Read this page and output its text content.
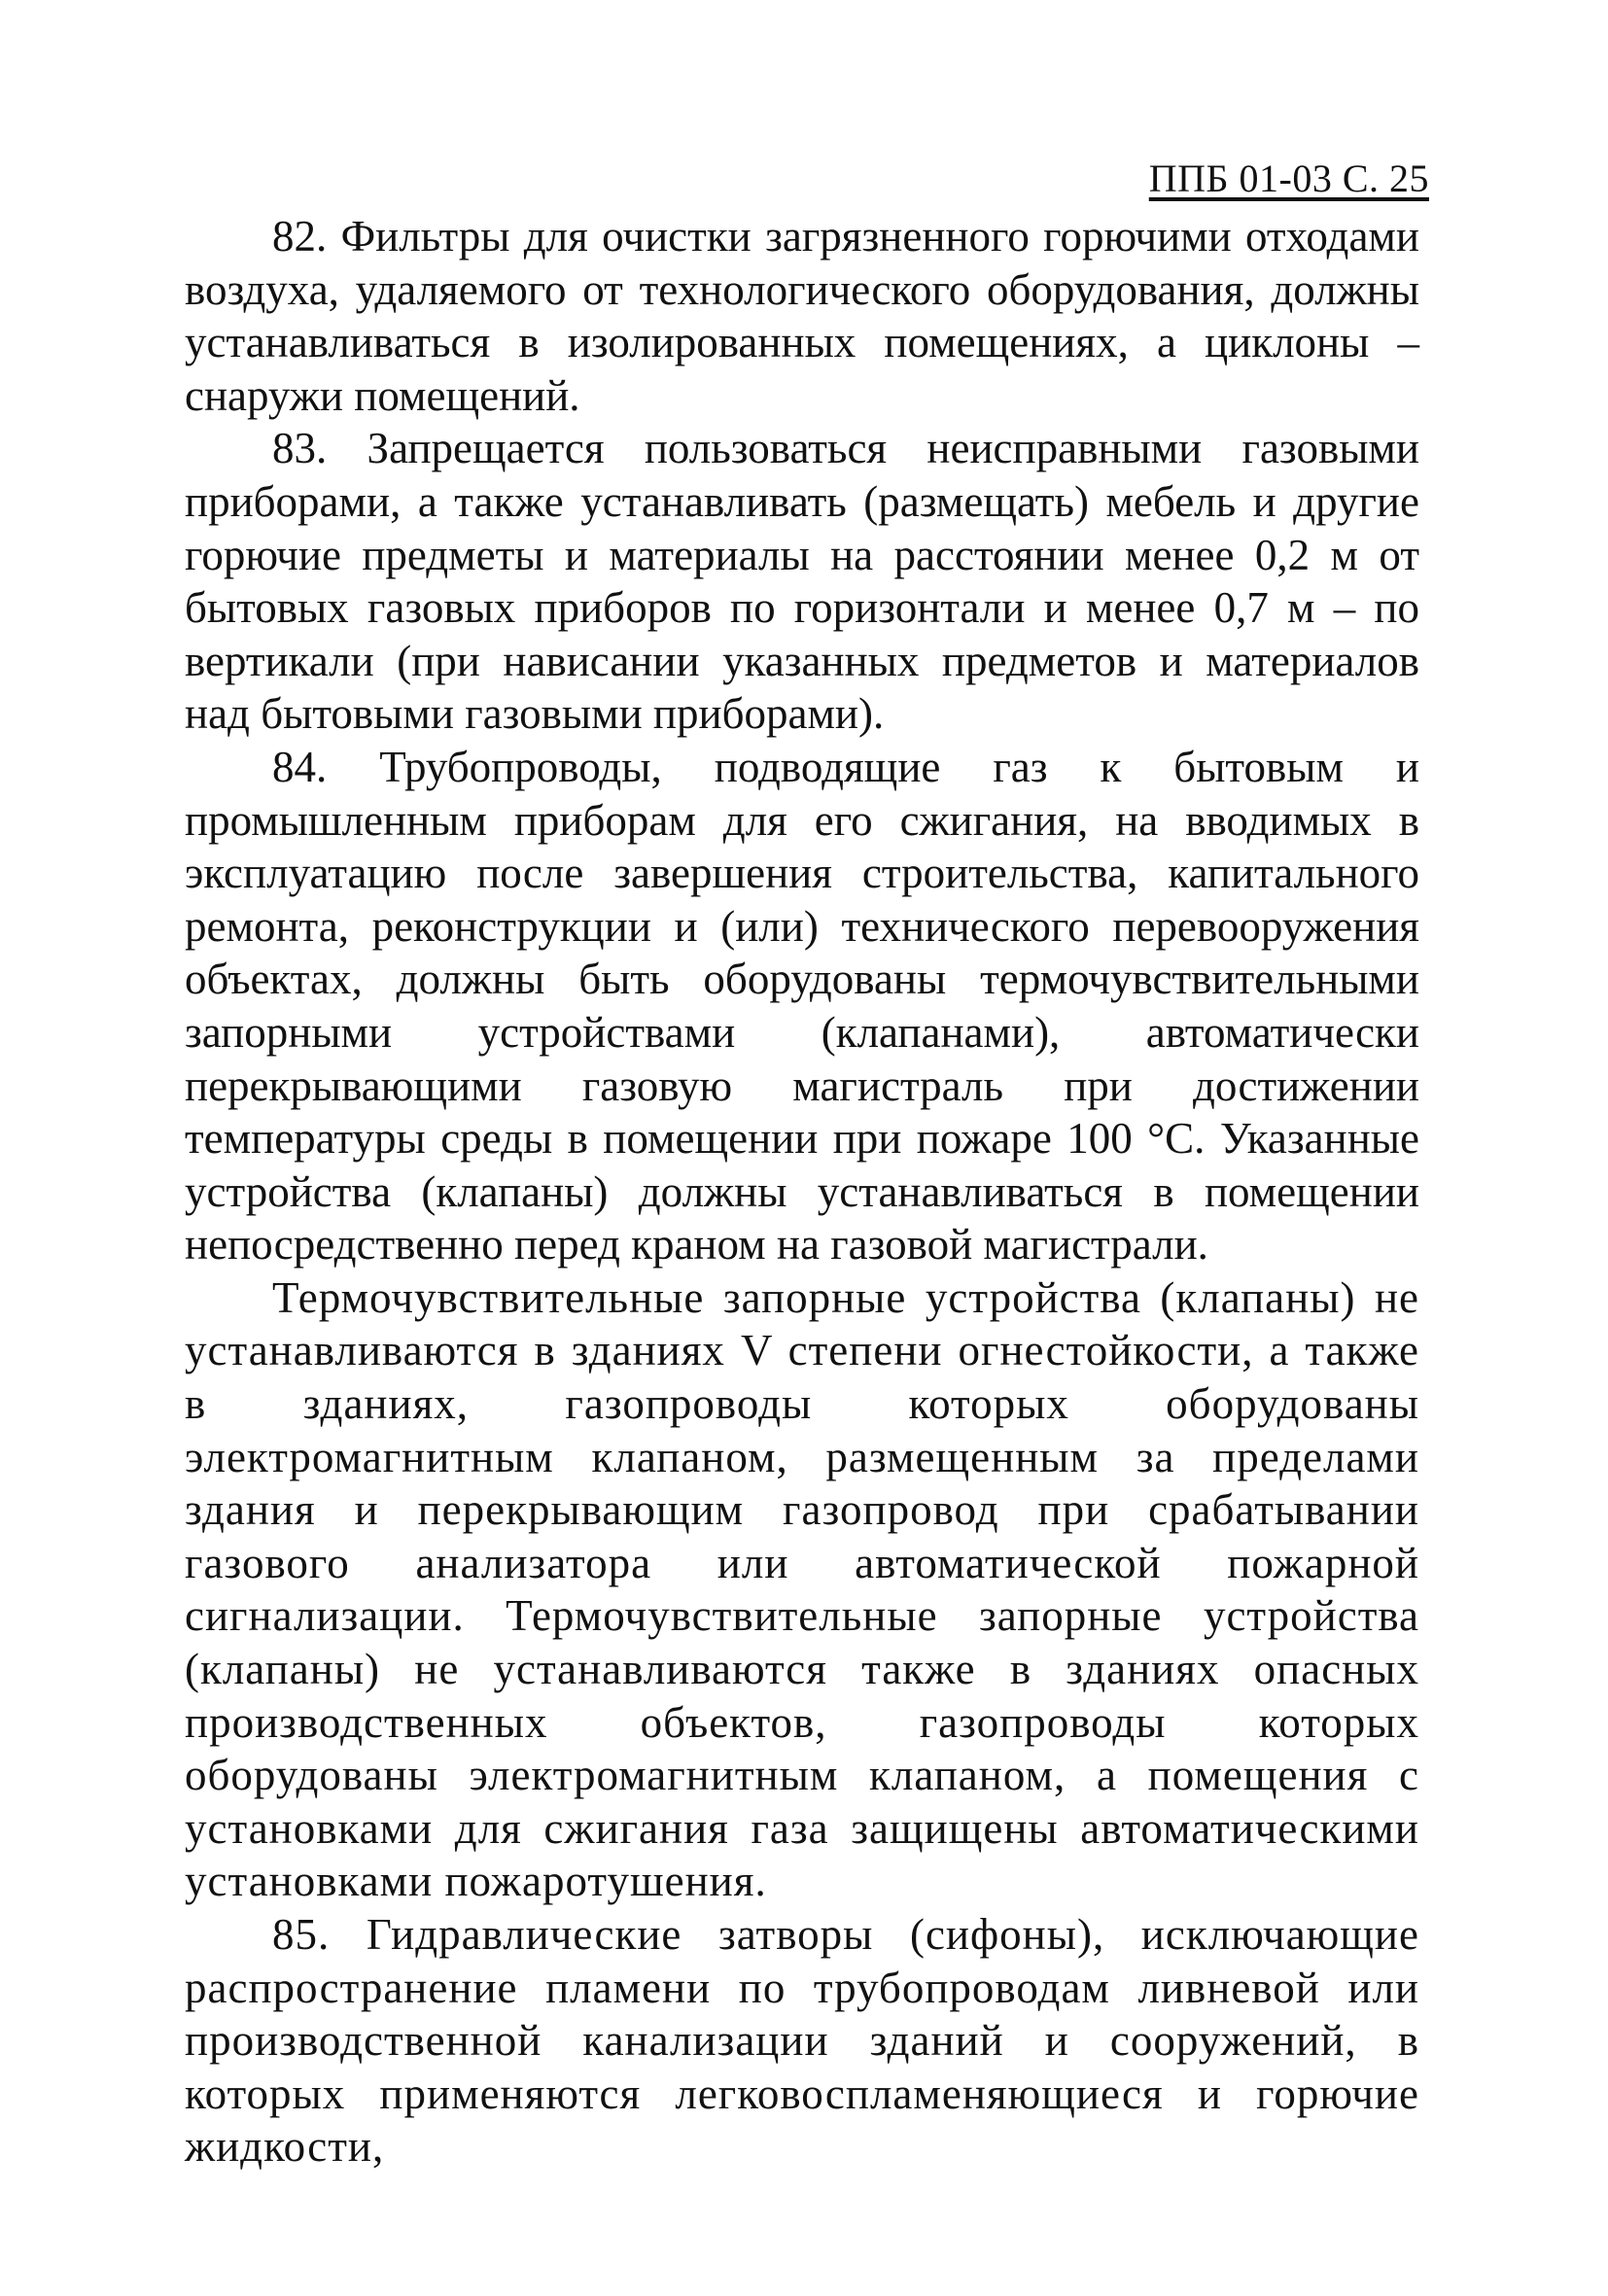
ППБ 01-03 С. 25

82. Фильтры для очистки загрязненного горючими отходами воздуха, удаляемого от технологического оборудования, должны устанавливаться в изолированных помещениях, а циклоны – снаружи помещений.

83. Запрещается пользоваться неисправными газовыми приборами, а также устанавливать (размещать) мебель и другие горючие предметы и материалы на расстоянии менее 0,2 м от бытовых газовых приборов по горизонтали и менее 0,7 м – по вертикали (при нависании указанных предметов и материалов над бытовыми газовыми приборами).

84. Трубопроводы, подводящие газ к бытовым и промышленным приборам для его сжигания, на вводимых в эксплуатацию после завершения строительства, капитального ремонта, реконструкции и (или) технического перевооружения объектах, должны быть оборудованы термочувствительными запорными устройствами (клапанами), автоматически перекрывающими газовую магистраль при достижении температуры среды в помещении при пожаре 100 °С. Указанные устройства (клапаны) должны устанавливаться в помещении непосредственно перед краном на газовой магистрали.

Термочувствительные запорные устройства (клапаны) не устанавливаются в зданиях V степени огнестойкости, а также в зданиях, газопроводы которых оборудованы электромагнитным клапаном, размещенным за пределами здания и перекрывающим газопровод при срабатывании газового анализатора или автоматической пожарной сигнализации. Термочувствительные запорные устройства (клапаны) не устанавливаются также в зданиях опасных производственных объектов, газопроводы которых оборудованы электромагнитным клапаном, а помещения с установками для сжигания газа защищены автоматическими установками пожаротушения.

85. Гидравлические затворы (сифоны), исключающие распространение пламени по трубопроводам ливневой или производственной канализации зданий и сооружений, в которых применяются легковоспламеняющиеся и горючие жидкости,
